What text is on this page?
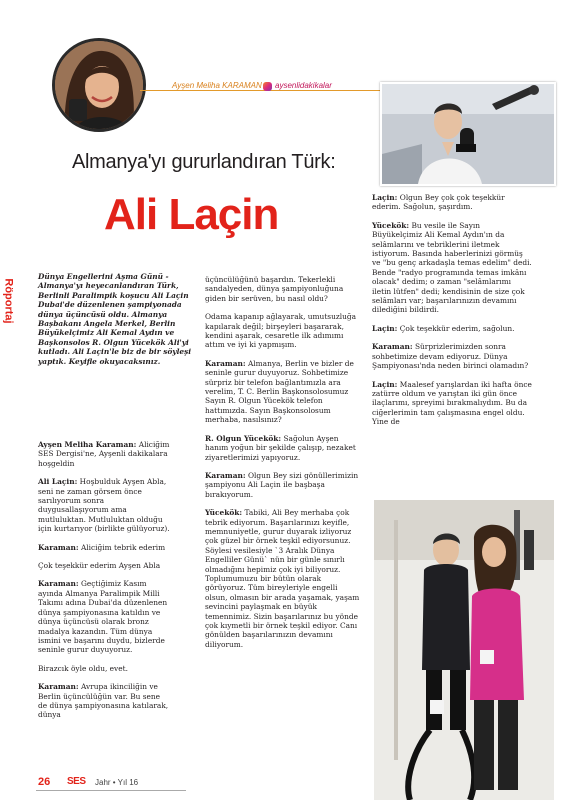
Ayşen Meliha KARAMAN aysenlidakikalar
Almanya'yı gururlandıran Türk:
Ali Laçin
Röportaj
Dünya Engellerini Aşma Günü - Almanya'yı heyecanlandıran Türk, Berlinli Paralimpik koşucu Ali Laçin Dubai'de düzenlenen şampiyonada dünya üçüncüsü oldu. Almanya Başbakanı Angela Merkel, Berlin Büyükelçimiz Ali Kemal Aydın ve Başkonsolos R. Olgun Yücekök Ali'yi kutladı. Ali Laçin'le biz de bir söyleşi yaptık. Keyifle okuyacaksınız.

Ayşen Meliha Karaman: Aliciğim SES Dergisi'ne, Ayşenli dakikalara hoşgeldin

Ali Laçin: Hoşbulduk Ayşen Abla, seni ne zaman görsem önce sarılıyorum sonra duygusallaşıyorum ama mutluluktan. Mutluluktan olduğu için kurtarıyor (birlikte gülüyoruz).

Karaman: Aliciğim tebrik ederim

Çok teşekkür ederim Ayşen Abla

Karaman: Geçtiğimiz Kasım ayında Almanya Paralimpik Milli Takımı adına Dubai'da düzenlenen dünya şampiyonasına katıldın ve dünya üçüncüsü olarak bronz madalya kazandın. Tüm dünya ismini ve başarını duydu, bizlerde seninle gurur duyuyoruz.

Birazcık öyle oldu, evet.

Karaman: Avrupa ikinciliğin ve Berlin üçüncülüğün var. Bu sene de dünya şampiyonasına katılarak, dünya

üçüncülüğünü başardın. Tekerlekli sandalyeden, dünya şampiyonluğuna giden bir serüven, bu nasıl oldu?

Odama kapanıp ağlayarak, umutsuzluğa kapılarak değil; birşeyleri başararak, kendini aşarak, cesaretle ilk adımımı attım ve iyi ki yapmışım.

Karaman: Almanya, Berlin ve bizler de seninle gurur duyuyoruz. Sohbetimize sürpriz bir telefon bağlantımızla ara verelim, T. C. Berlin Başkonsolosumuz Sayın R. Olgun Yücekök telefon hattımızda. Sayın Başkonsolosum merhaba, nasılsınız?

R. Olgun Yücekök: Sağolun Ayşen hanım yoğun bir şekilde çalışıp, nezaket ziyaretlerimizi yapıyoruz.

Karaman: Olgun Bey sizi gönüllerimizin şampiyonu Ali Laçin ile başbaşa bırakıyorum.

Yücekök: Tabiki, Ali Bey merhaba çok tebrik ediyorum. Başarılarınızı keyifle, memnuniyetle, gurur duyarak izliyoruz çok güzel bir örnek teşkil ediyorsunuz. Söylesi vesilesiyle `3 Aralık Dünya Engelliler Günü` nün bir günle sınırlı olmadığını hepimiz çok iyi biliyoruz. Toplumumuzu bir bütün olarak görüyoruz. Tüm bireyleriyle engelli olsun, olmasın bir arada yaşamak, yaşam sevincini paylaşmak en büyük temennimiz. Sizin başarılarınız bu yönde çok kıymetli bir örnek teşkil ediyor. Canı gönülden başarılarınızın devamını diliyorum.

Laçin: Olgun Bey çok çok teşekkür ederim. Sağolun, şaşırdım.

Yücekök: Bu vesile ile Sayın Büyükelçimiz Ali Kemal Aydın'ın da selâmlarını ve tebriklerini iletmek istiyorum. Basında haberlerinizi görmüş ve "bu genç arkadaşla temas edelim" dedi. Bende "radyo programında temas imkânı olacak" dedim; o zaman "selâmlarımı iletin lütfen" dedi; kendisinin de size çok selâmları var; başarılarınızın devamını dilediğini bildirdi.

Laçin: Çok teşekkür ederim, sağolun.

Karaman: Sürprizlerimizden sonra sohbetimize devam ediyoruz. Dünya Şampiyonası'nda neden birinci olamadın?

Laçin: Maalesef yarışlardan iki hafta önce zatürre oldum ve yarıştan iki gün önce ilaçlarımı, spreyimi bırakmalıydım. Bu da ciğerlerimin tam çalışmasına engel oldu. Yine de

26 SES Jahr • Yıl 16
